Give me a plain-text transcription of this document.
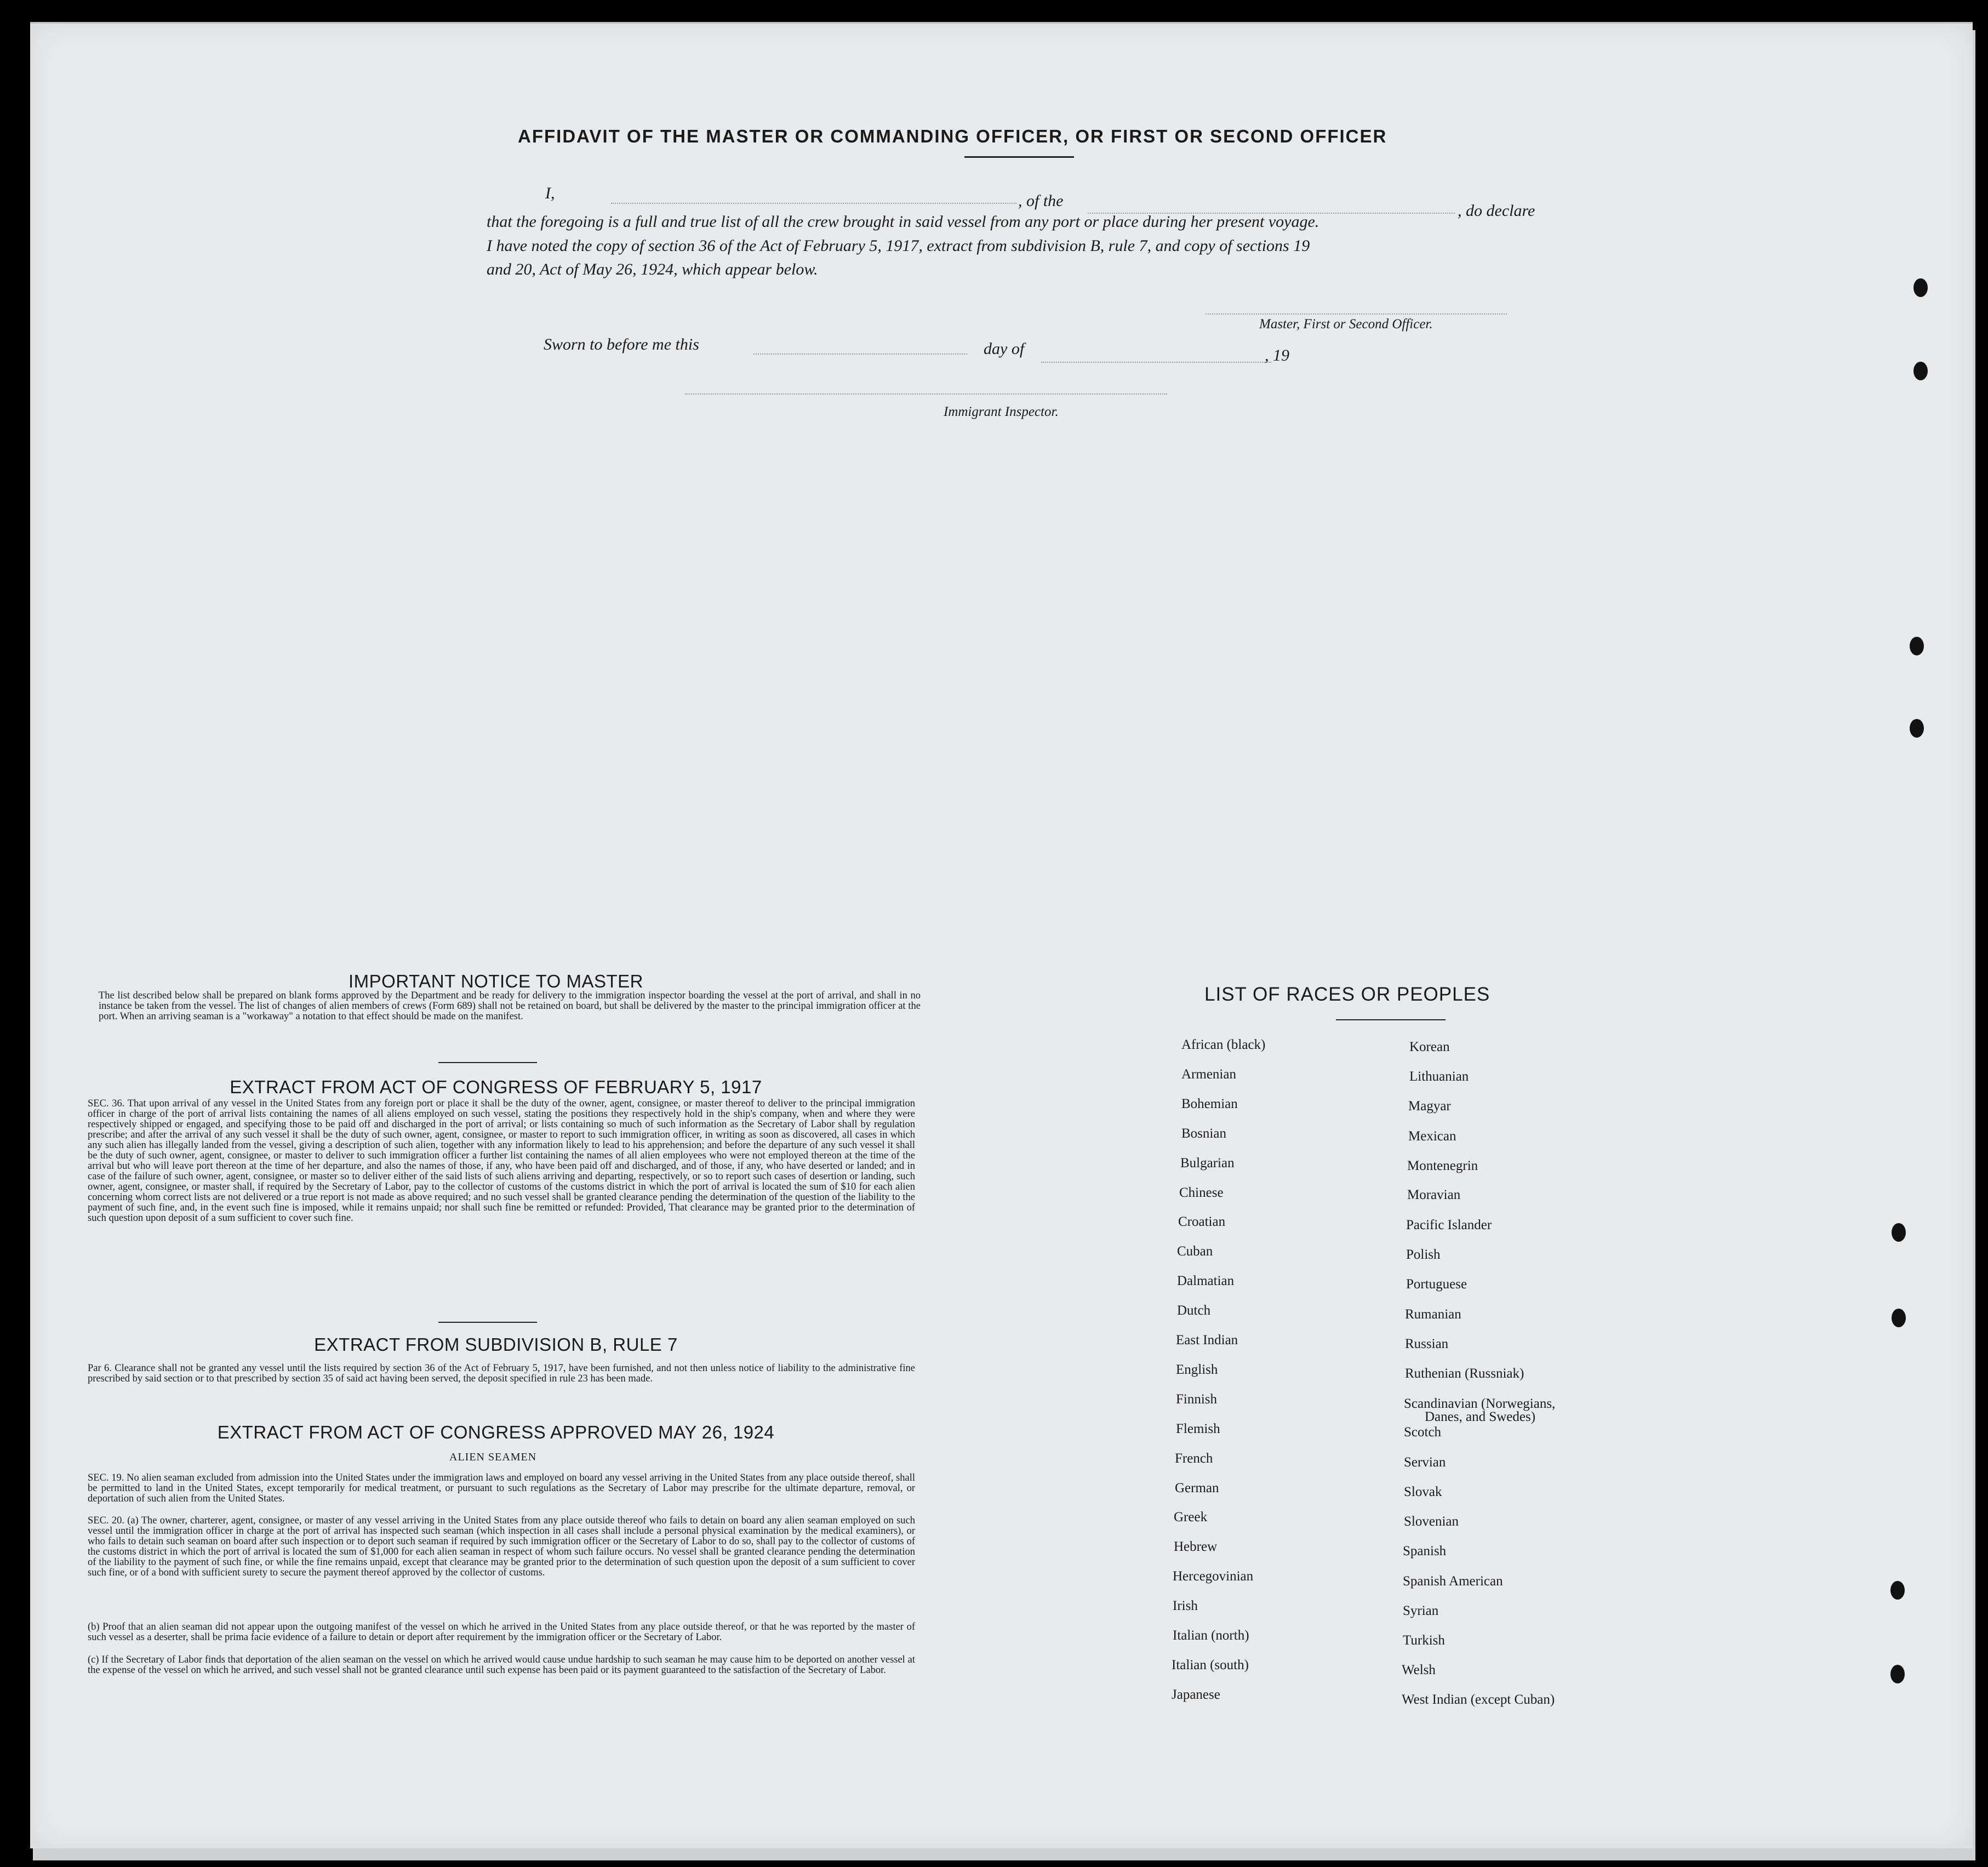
AFFIDAVIT OF THE MASTER OR COMMANDING OFFICER, OR FIRST OR SECOND OFFICER
I,	, of the
, do declare
that the foregoing is a full and true list of all the crew brought in said vessel from any port or place during her present voyage.
I have noted the copy of section 36 of the Act of February 5, 1917, extract from subdivision B, rule 7, and copy of sections 19
and 20, Act of May 26, 1924, which appear below.
Master, First or Second Officer.
Sworn to before me this	day of	, 19
Immigrant Inspector.
IMPORTANT NOTICE TO MASTER
The list described below shall be prepared on blank forms approved by the Department and be ready for delivery to the immigration inspector boarding the vessel at the port of arrival, and shall in no instance be taken from the vessel. The list of changes of alien members of crews (Form 689) shall not be retained on board, but shall be delivered by the master to the principal immigration officer at the port. When an arriving seaman is a "workaway" a notation to that effect should be made on the manifest.
EXTRACT FROM ACT OF CONGRESS OF FEBRUARY 5, 1917
SEC. 36. That upon arrival of any vessel in the United States from any foreign port or place it shall be the duty of the owner, agent, consignee, or master thereof to deliver to the principal immigration officer in charge of the port of arrival lists containing the names of all aliens employed on such vessel, stating the positions they respectively hold in the ship's company, when and where they were respectively shipped or engaged, and specifying those to be paid off and discharged in the port of arrival; or lists containing so much of such information as the Secretary of Labor shall by regulation prescribe; and after the arrival of any such vessel it shall be the duty of such owner, agent, consignee, or master to report to such immigration officer, in writing as soon as discovered, all cases in which any such alien has illegally landed from the vessel, giving a description of such alien, together with any information likely to lead to his apprehension; and before the departure of any such vessel it shall be the duty of such owner, agent, consignee, or master to deliver to such immigration officer a further list containing the names of all alien employees who were not employed thereon at the time of the arrival but who will leave port thereon at the time of her departure, and also the names of those, if any, who have been paid off and discharged, and of those, if any, who have deserted or landed; and in case of the failure of such owner, agent, consignee, or master so to deliver either of the said lists of such aliens arriving and departing, respectively, or so to report such cases of desertion or landing, such owner, agent, consignee, or master shall, if required by the Secretary of Labor, pay to the collector of customs of the customs district in which the port of arrival is located the sum of $10 for each alien concerning whom correct lists are not delivered or a true report is not made as above required; and no such vessel shall be granted clearance pending the determination of the question of the liability to the payment of such fine, and, in the event such fine is imposed, while it remains unpaid; nor shall such fine be remitted or refunded: Provided, That clearance may be granted prior to the determination of such question upon deposit of a sum sufficient to cover such fine.
EXTRACT FROM SUBDIVISION B, RULE 7
Par 6. Clearance shall not be granted any vessel until the lists required by section 36 of the Act of February 5, 1917, have been furnished, and not then unless notice of liability to the administrative fine prescribed by said section or to that prescribed by section 35 of said act having been served, the deposit specified in rule 23 has been made.
EXTRACT FROM ACT OF CONGRESS APPROVED MAY 26, 1924
ALIEN SEAMEN
SEC. 19. No alien seaman excluded from admission into the United States under the immigration laws and employed on board any vessel arriving in the United States from any place outside thereof, shall be permitted to land in the United States, except temporarily for medical treatment, or pursuant to such regulations as the Secretary of Labor may prescribe for the ultimate departure, removal, or deportation of such alien from the United States.
SEC. 20. (a) The owner, charterer, agent, consignee, or master of any vessel arriving in the United States from any place outside thereof who fails to detain on board any alien seaman employed on such vessel until the immigration officer in charge at the port of arrival has inspected such seaman (which inspection in all cases shall include a personal physical examination by the medical examiners), or who fails to detain such seaman on board after such inspection or to deport such seaman if required by such immigration officer or the Secretary of Labor to do so, shall pay to the collector of customs of the customs district in which the port of arrival is located the sum of $1,000 for each alien seaman in respect of whom such failure occurs. No vessel shall be granted clearance pending the determination of the liability to the payment of such fine, or while the fine remains unpaid, except that clearance may be granted prior to the determination of such question upon the deposit of a sum sufficient to cover such fine, or of a bond with sufficient surety to secure the payment thereof approved by the collector of customs.
(b) Proof that an alien seaman did not appear upon the outgoing manifest of the vessel on which he arrived in the United States from any place outside thereof, or that he was reported by the master of such vessel as a deserter, shall be prima facie evidence of a failure to detain or deport after requirement by the immigration officer or the Secretary of Labor.
(c) If the Secretary of Labor finds that deportation of the alien seaman on the vessel on which he arrived would cause undue hardship to such seaman he may cause him to be deported on another vessel at the expense of the vessel on which he arrived, and such vessel shall not be granted clearance until such expense has been paid or its payment guaranteed to the satisfaction of the Secretary of Labor.
LIST OF RACES OR PEOPLES
African (black)
Armenian
Bohemian
Bosnian
Bulgarian
Chinese
Croatian
Cuban
Dalmatian
Dutch
East Indian
English
Finnish
Flemish
French
German
Greek
Hebrew
Hercegovinian
Irish
Italian (north)
Italian (south)
Japanese
Korean
Lithuanian
Magyar
Mexican
Montenegrin
Moravian
Pacific Islander
Polish
Portuguese
Rumanian
Russian
Ruthenian (Russniak)
Scandinavian (Norwegians,
Danes, and Swedes)
Scotch
Servian
Slovak
Slovenian
Spanish
Spanish American
Syrian
Turkish
Welsh
West Indian (except Cuban)
